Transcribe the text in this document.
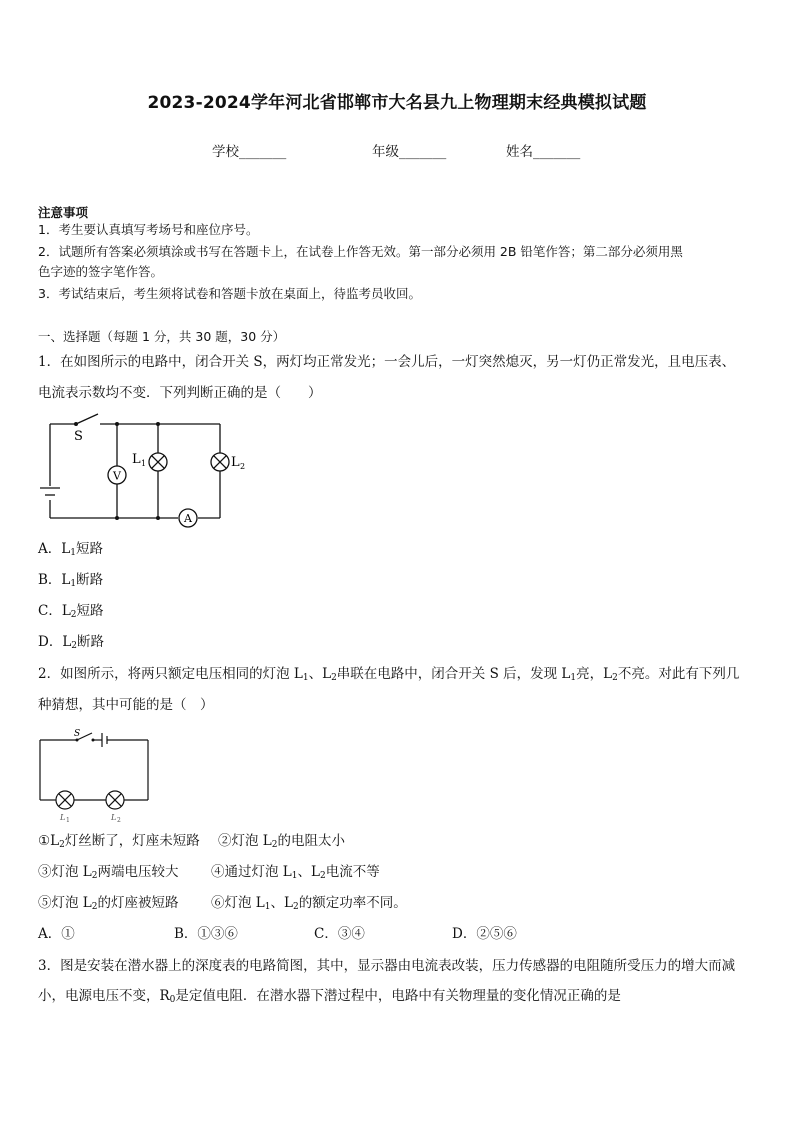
2023-2024学年河北省邯郸市大名县九上物理期末经典模拟试题
学校_______	年级_______	姓名_______
注意事项
1．考生要认真填写考场号和座位序号。
2．试题所有答案必须填涂或书写在答题卡上，在试卷上作答无效。第一部分必须用 2B 铅笔作答；第二部分必须用黑
色字迹的签字笔作答。
3．考试结束后，考生须将试卷和答题卡放在桌面上，待监考员收回。
一、选择题（每题 1 分，共 30 题，30 分）
1．在如图所示的电路中，闭合开关 S，两灯均正常发光；一会儿后，一灯突然熄灭，另一灯仍正常发光，且电压表、
电流表示数均不变．下列判断正确的是（　　）
S
V
L 1	L 2
A
A．$L_1$短路
B．$L_1$断路
C．$L_2$短路
D．$L_2$断路
2．如图所示，将两只额定电压相同的灯泡 $L_1$、$L_2$串联在电路中，闭合开关 S 后，发现 $L_1$亮，$L_2$不亮。对此有下列几
种猜想，其中可能的是（　）
S
L 1	L 2
$①L_2$灯丝断了，灯座未短路 ②灯泡 $L_2$的电阻太小
③灯泡 $L_2$两端电压较大 ④通过灯泡 $L_1$、$L_2$电流不等
⑤灯泡 $L_2$的灯座被短路 ⑥灯泡 $L_1$、$L_2$的额定功率不同。
A．①	B．①③⑥	C．③④	D．②⑤⑥
3．图是安装在潜水器上的深度表的电路简图，其中，显示器由电流表改装，压力传感器的电阻随所受压力的增大而减
小，电源电压不变，$R_0$是定值电阻．在潜水器下潜过程中，电路中有关物理量的变化情况正确的是
